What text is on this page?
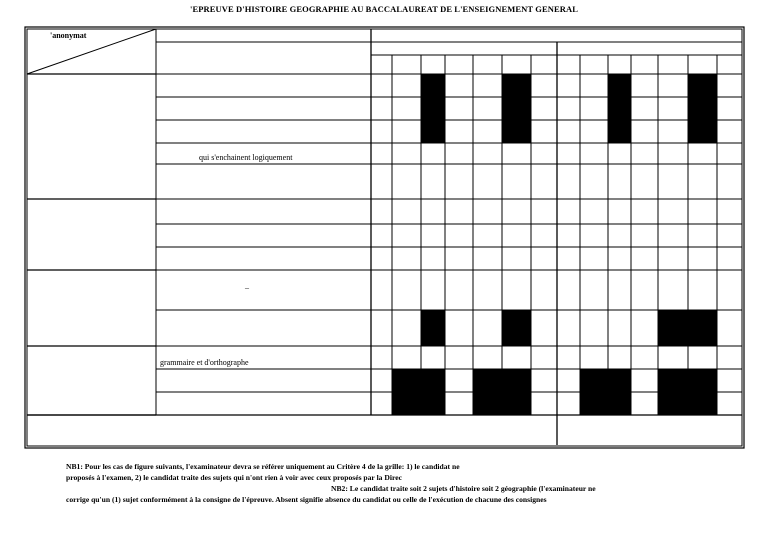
'EPREUVE D'HISTOIRE GEOGRAPHIE AU BACCALAUREAT DE L'ENSEIGNEMENT GENERAL
'anonymat
qui s'enchainent logiquement
–
grammaire et d'orthographe
NB1: Pour les cas de figure suivants, l'examinateur devra se référer uniquement au Critère 4 de la grille: 1) le candidat ne
proposés à l'examen, 2) le candidat traite des sujets qui n'ont rien à voir avec ceux proposés par la Direc
NB2: Le candidat traite soit 2 sujets d'histoire soit 2 géographie (l'examinateur ne
corrige qu'un (1) sujet conformément à la consigne de l'épreuve. Absent signifie absence du candidat ou celle de l'exécution de chacune des consignes
